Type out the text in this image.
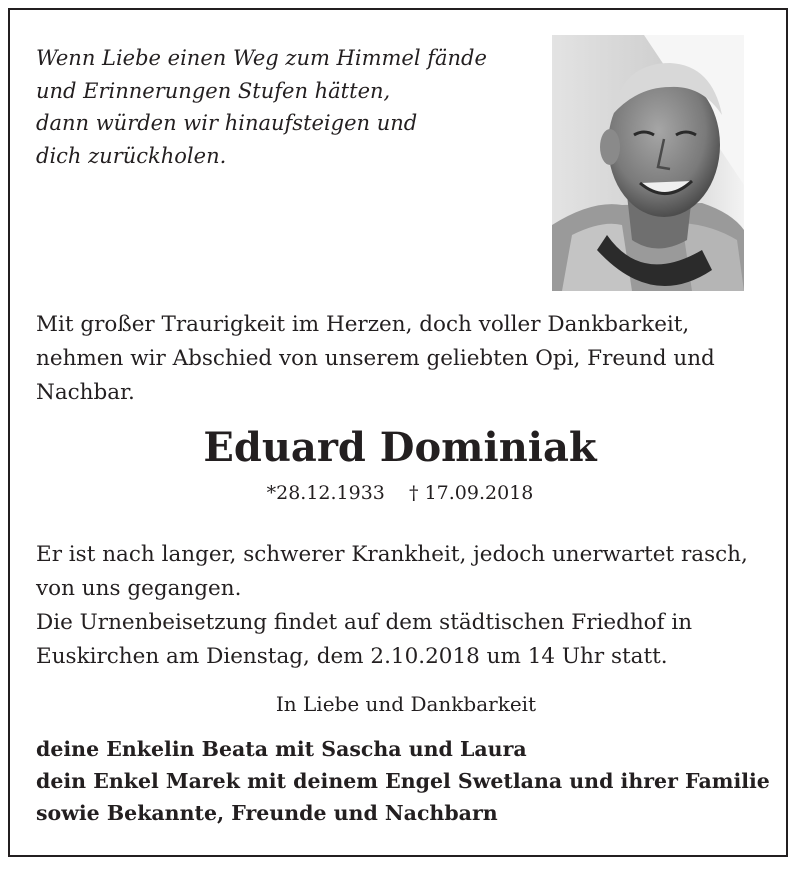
Wenn Liebe einen Weg zum Himmel fände
und Erinnerungen Stufen hätten,
dann würden wir hinaufsteigen und
dich zurückholen.
Mit großer Traurigkeit im Herzen, doch voller Dankbarkeit,
nehmen wir Abschied von unserem geliebten Opi, Freund und
Nachbar.
Eduard Dominiak

*28.12.1933    † 17.09.2018

Er ist nach langer, schwerer Krankheit, jedoch unerwartet rasch,
von uns gegangen.
Die Urnenbeisetzung findet auf dem städtischen Friedhof in
Euskirchen am Dienstag, dem 2.10.2018 um 14 Uhr statt.

In Liebe und Dankbarkeit

deine Enkelin Beata mit Sascha und Laura
dein Enkel Marek mit deinem Engel Swetlana und ihrer Familie
sowie Bekannte, Freunde und Nachbarn
